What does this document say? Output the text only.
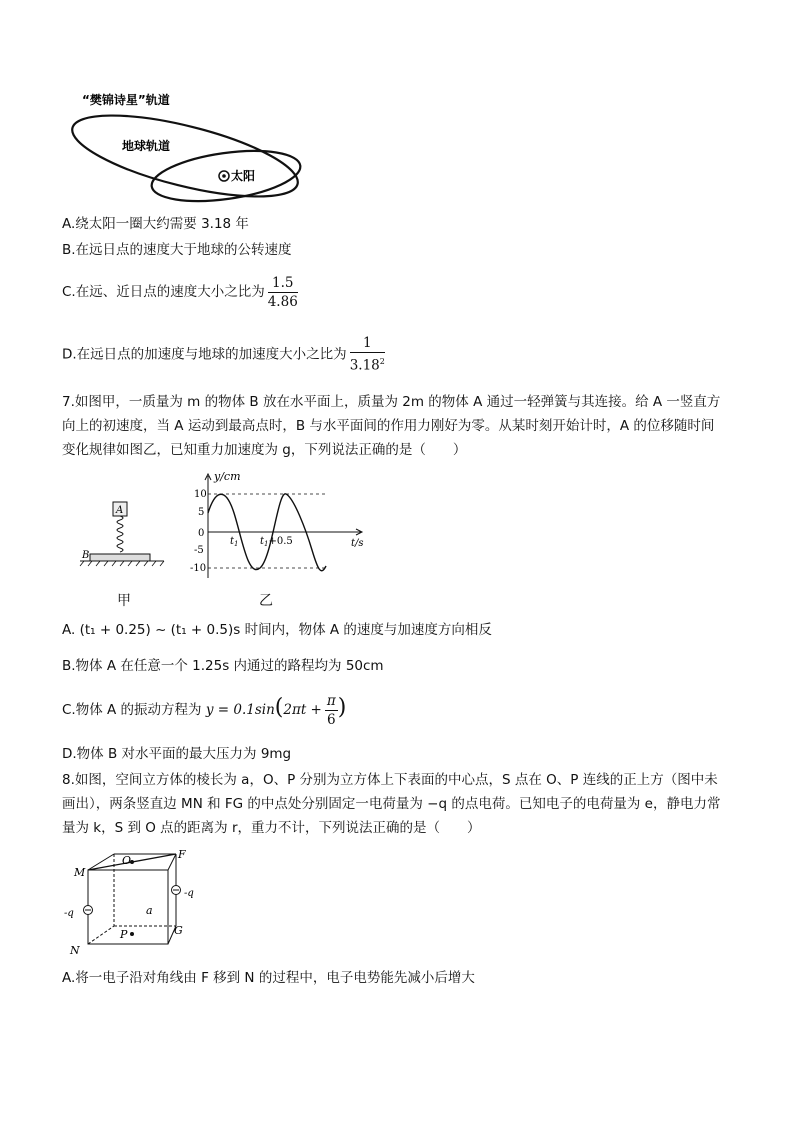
“樊锦诗星”轨道
地球轨道
太阳
A.绕太阳一圈大约需要 3.18 年
B.在远日点的速度大于地球的公转速度
C.在远、近日点的速度大小之比为 $\frac{1.5}{4.86}$
D.在远日点的加速度与地球的加速度大小之比为 $\frac{1}{3.18^2}$
7.如图甲，一质量为 m 的物体 B 放在水平面上，质量为 2m 的物体 A 通过一轻弹簧与其连接。给 A 一竖直方向上的初速度，当 A 运动到最高点时，B 与水平面间的作用力刚好为零。从某时刻开始计时，A 的位移随时间变化规律如图乙，已知重力加速度为 g，下列说法正确的是（　　）
A
B
甲
y/cm
t/s
10
5
0
-5
-10
$t_1$ $t_1+0.5$
乙
A. (t₁ + 0.25) ~ (t₁ + 0.5)s 时间内，物体 A 的速度与加速度方向相反
B.物体 A 在任意一个 1.25s 内通过的路程均为 50cm
C.物体 A 的振动方程为 $y = 0.1\sin(2\pi t + \frac{\pi}{6}$ )
D.物体 B 对水平面的最大压力为 9mg
8.如图，空间立方体的棱长为 a，O、P 分别为立方体上下表面的中心点，S 点在 O、P 连线的正上方（图中未画出），两条竖直边 MN 和 FG 的中点处分别固定一电荷量为 −q 的点电荷。已知电子的电荷量为 e，静电力常量为 k，S 到 O 点的距离为 r，重力不计，下列说法正确的是（　　）
M
N
F
G
O
P
a
-q
-q
A.将一电子沿对角线由 F 移到 N 的过程中，电子电势能先减小后增大
